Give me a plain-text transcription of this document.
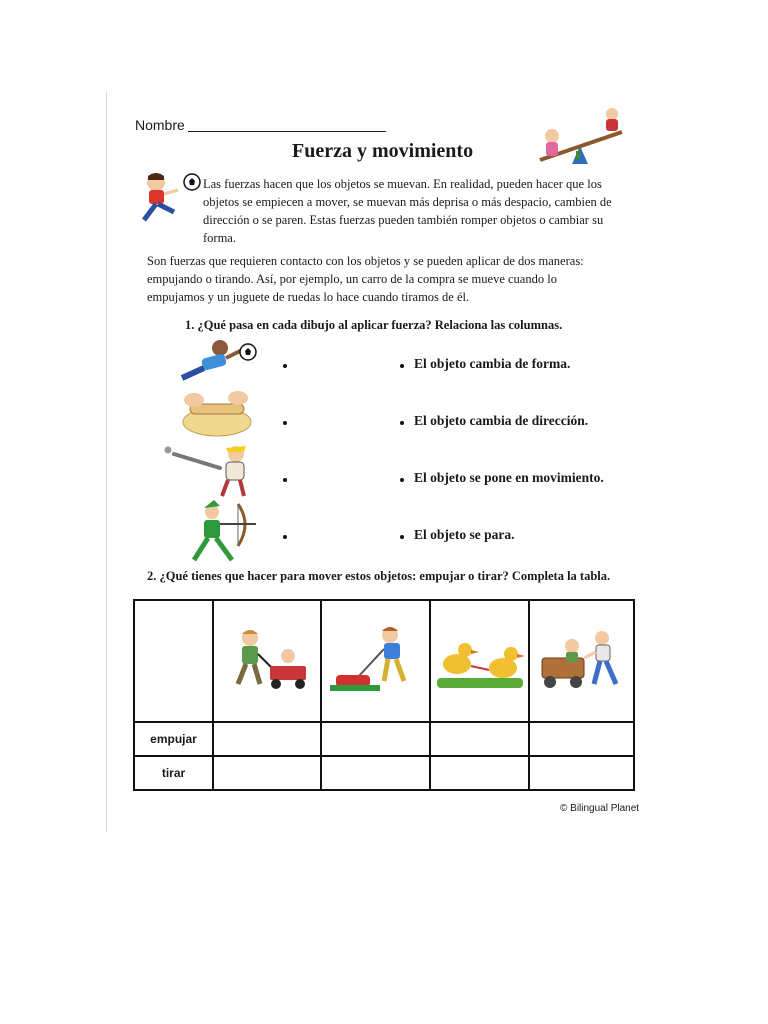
Nombre
Fuerza y movimiento
Las fuerzas hacen que los objetos se muevan. En realidad, pueden hacer que los objetos se empiecen a mover, se muevan más deprisa o más despacio, cambien de dirección o se paren. Estas fuerzas pueden también romper objetos o cambiar su forma.
Son fuerzas que requieren contacto con los objetos y se pueden aplicar de dos maneras: empujando o tirando. Así, por ejemplo, un carro de la compra se mueve cuando lo empujamos y un juguete de ruedas lo hace cuando tiramos de él.
1. ¿Qué pasa en cada dibujo al aplicar fuerza? Relaciona las columnas.
El objeto cambia de forma.
El objeto cambia de dirección.
El objeto se pone en movimiento.
El objeto se para.
2. ¿Qué tienes que hacer para mover estos objetos: empujar o tirar? Completa la tabla.

empujar				
tirar				
© Bilingual Planet
